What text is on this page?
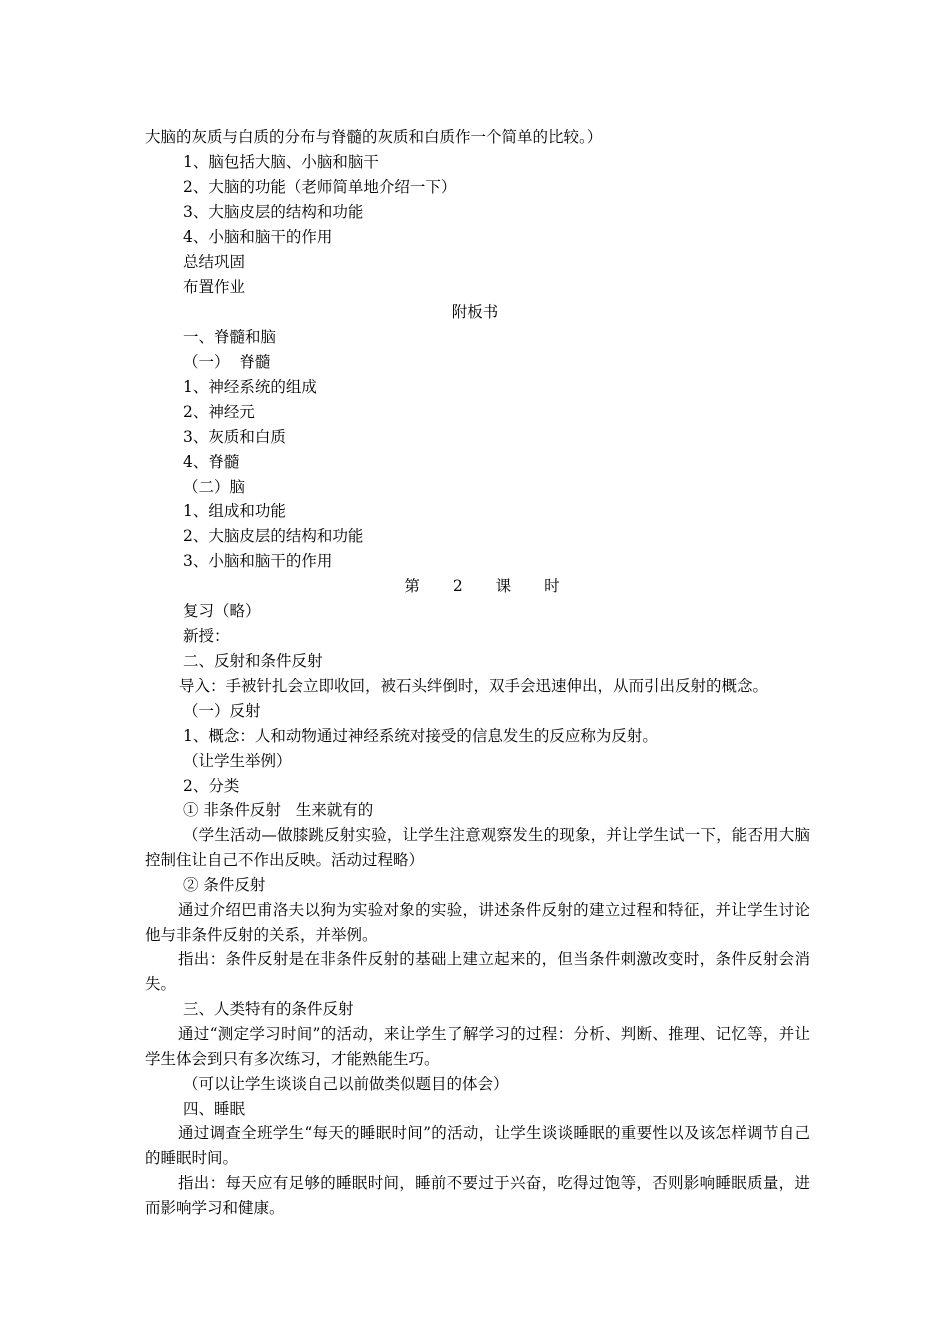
大脑的灰质与白质的分布与脊髓的灰质和白质作一个简单的比较。）
1、脑包括大脑、小脑和脑干
2、大脑的功能（老师简单地介绍一下）
3、大脑皮层的结构和功能
4、小脑和脑干的作用
总结巩固
布置作业
附板书
一、脊髓和脑
（一）  脊髓
1、神经系统的组成
2、神经元
3、灰质和白质
4、脊髓
（二）脑
1、组成和功能
2、大脑皮层的结构和功能
3、小脑和脑干的作用
第 2 课 时
复习（略）
新授：
二、反射和条件反射
导入：手被针扎会立即收回，被石头绊倒时，双手会迅速伸出，从而引出反射的概念。
（一）反射
1、概念：人和动物通过神经系统对接受的信息发生的反应称为反射。
（让学生举例）
2、分类
① 非条件反射   生来就有的
（学生活动—做膝跳反射实验，让学生注意观察发生的现象，并让学生试一下，能否用大脑控制住让自己不作出反映。活动过程略）
② 条件反射
通过介绍巴甫洛夫以狗为实验对象的实验，讲述条件反射的建立过程和特征，并让学生讨论他与非条件反射的关系，并举例。
指出：条件反射是在非条件反射的基础上建立起来的，但当条件刺激改变时，条件反射会消失。
三、人类特有的条件反射
通过“测定学习时间”的活动，来让学生了解学习的过程：分析、判断、推理、记忆等，并让学生体会到只有多次练习，才能熟能生巧。
（可以让学生谈谈自己以前做类似题目的体会）
四、睡眠
通过调查全班学生“每天的睡眠时间”的活动，让学生谈谈睡眠的重要性以及该怎样调节自己的睡眠时间。
指出：每天应有足够的睡眠时间，睡前不要过于兴奋，吃得过饱等，否则影响睡眠质量，进而影响学习和健康。
